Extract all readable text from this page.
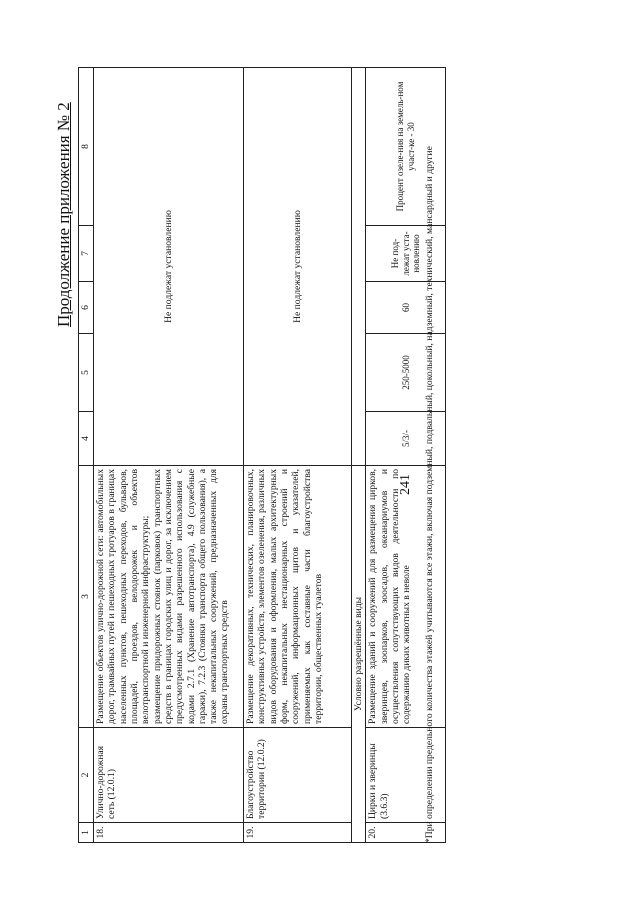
Продолжение приложения № 2
241
1	2	3	4	5	6	7	8
18.	Улично-дорожная сеть (12.0.1)	Размещение объектов улично-дорожной сети: автомобильных дорог, трамвайных путей и пешеходных тротуаров в границах населенных пунктов, пешеходных переходов, бульваров, площадей, проездов, велодорожек и объектов велотранспортной и инженерной инфраструктуры; размещение придорожных стоянок (парковок) транспортных средств в границах городских улиц и дорог, за исключением предусмотренных видами разрешенного использования с кодами 2.7.1 (Хранение автотранспорта), 4.9 (служебные гаражи), 7.2.3 (Стоянки транспорта общего пользования), а также некапитальных сооружений, предназначенных для охраны транспортных средств	Не подлежат установлению				
19.	Благоустройство территории (12.0.2)	Размещение декоративных, технических, планировочных, конструктивных устройств, элементов озеленения, различных видов оборудования и оформления, малых архитектурных форм, некапитальных нестационарных строений и сооружений, информационных щитов и указателей, применяемых как составные части благоустройства территории, общественных туалетов	Не подлежат установлению				
Условно разрешённые виды							
20.	Цирки и зверинцы (3.6.3)	Размещение зданий и сооружений для размещения цирков, зверинцев, зоопарков, зоосадов, океанариумов и осуществления сопутствующих видов деятельности по содержанию диких животных в неволе	5/3/-	250-5000	60	Не под-лежат уста-новлению	Процент озеле-ния на земель-ном участ-ке - 30 *При определении предельного количества этажей учитываются все этажи, включая подземный, подвальный, цокольный, надземный, технический, мансардный и другие
